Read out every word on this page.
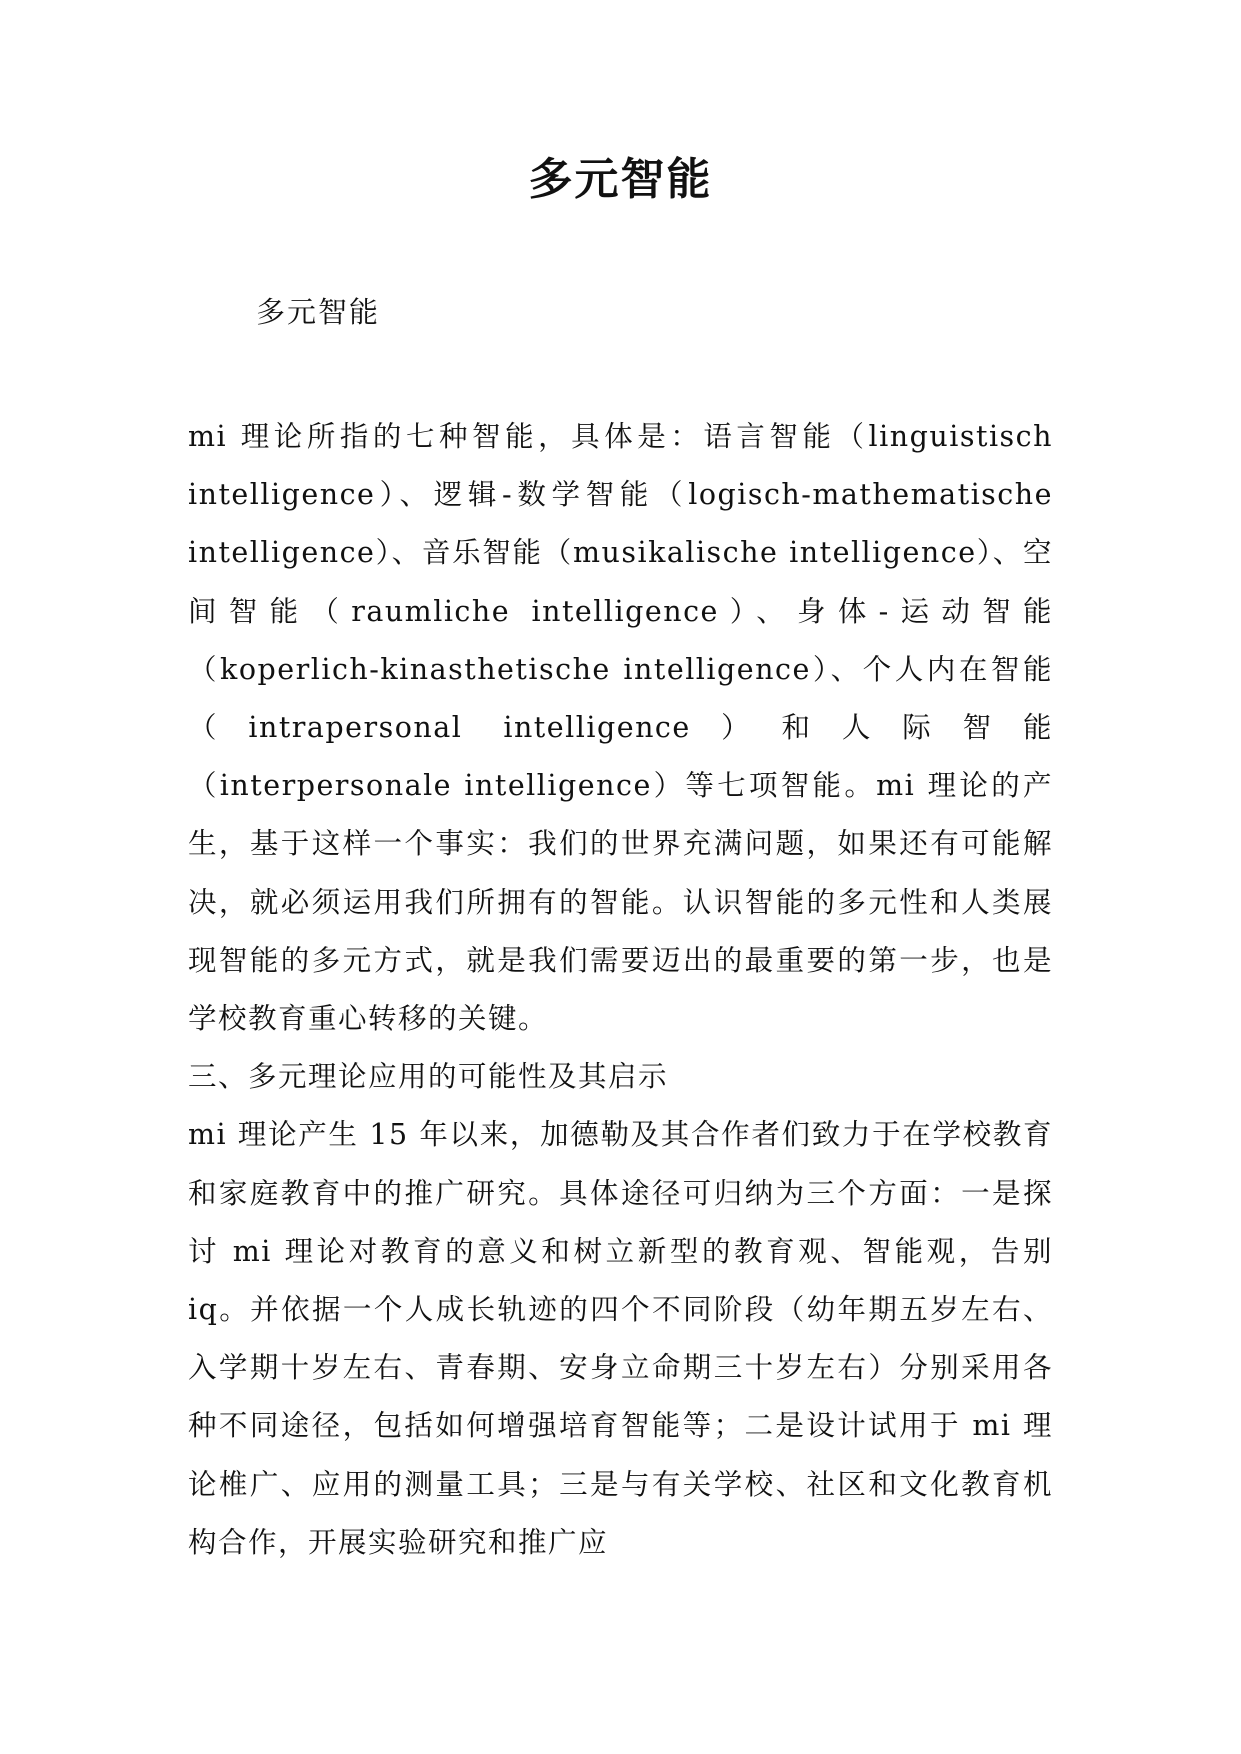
多元智能
多元智能

mi 理论所指的七种智能，具体是：语言智能（linguistisch intelligence）、逻辑-数学智能（logisch-mathematische intelligence）、音乐智能（musikalische intelligence）、空间智能（raumliche intelligence）、身体-运动智能（koperlich-kinasthetische intelligence）、个人内在智能（intrapersonal intelligence）和人际智能（interpersonale intelligence）等七项智能。mi 理论的产生，基于这样一个事实：我们的世界充满问题，如果还有可能解决，就必须运用我们所拥有的智能。认识智能的多元性和人类展现智能的多元方式，就是我们需要迈出的最重要的第一步，也是学校教育重心转移的关键。

三、多元理论应用的可能性及其启示

mi 理论产生 15 年以来，加德勒及其合作者们致力于在学校教育和家庭教育中的推广研究。具体途径可归纳为三个方面：一是探讨 mi 理论对教育的意义和树立新型的教育观、智能观，告别 iq。并依据一个人成长轨迹的四个不同阶段（幼年期五岁左右、入学期十岁左右、青春期、安身立命期三十岁左右）分别采用各种不同途径，包括如何增强培育智能等；二是设计试用于 mi 理论椎广、应用的测量工具；三是与有关学校、社区和文化教育机构合作，开展实验研究和推广应
